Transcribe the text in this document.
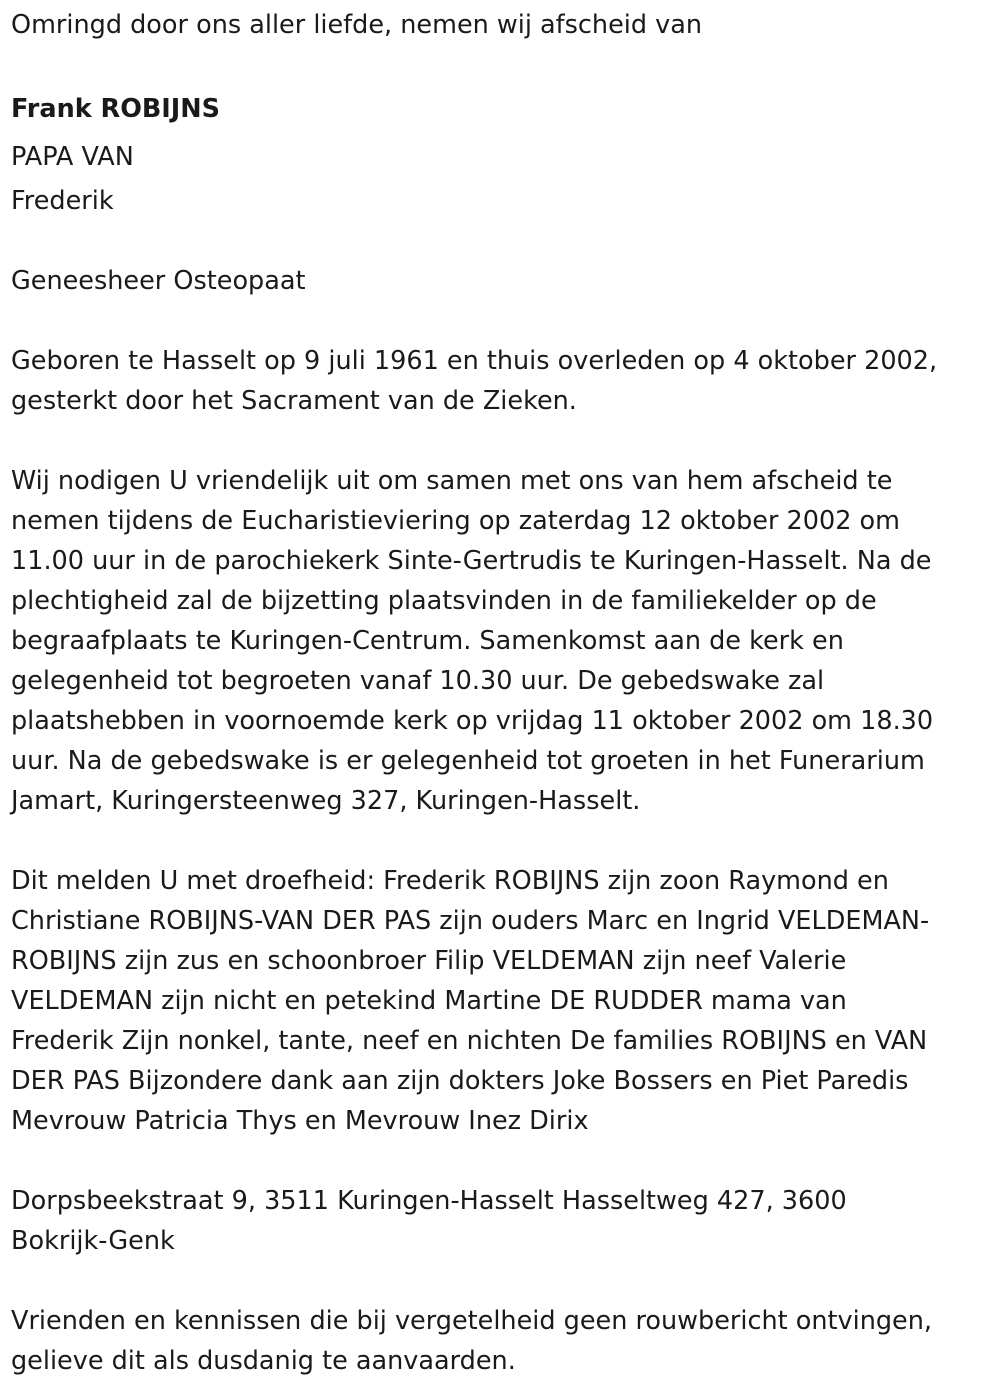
Omringd door ons aller liefde, nemen wij afscheid van
Frank ROBIJNS
PAPA VAN
Frederik
Geneesheer Osteopaat
Geboren te Hasselt op 9 juli 1961 en thuis overleden op 4 oktober 2002,
gesterkt door het Sacrament van de Zieken.
Wij nodigen U vriendelijk uit om samen met ons van hem afscheid te
nemen tijdens de Eucharistieviering op zaterdag 12 oktober 2002 om
11.00 uur in de parochiekerk Sinte-Gertrudis te Kuringen-Hasselt. Na de
plechtigheid zal de bijzetting plaatsvinden in de familiekelder op de
begraafplaats te Kuringen-Centrum. Samenkomst aan de kerk en
gelegenheid tot begroeten vanaf 10.30 uur. De gebedswake zal
plaatshebben in voornoemde kerk op vrijdag 11 oktober 2002 om 18.30
uur. Na de gebedswake is er gelegenheid tot groeten in het Funerarium
Jamart, Kuringersteenweg 327, Kuringen-Hasselt.
Dit melden U met droefheid: Frederik ROBIJNS zijn zoon Raymond en
Christiane ROBIJNS-VAN DER PAS zijn ouders Marc en Ingrid VELDEMAN-
ROBIJNS zijn zus en schoonbroer Filip VELDEMAN zijn neef Valerie
VELDEMAN zijn nicht en petekind Martine DE RUDDER mama van
Frederik Zijn nonkel, tante, neef en nichten De families ROBIJNS en VAN
DER PAS Bijzondere dank aan zijn dokters Joke Bossers en Piet Paredis
Mevrouw Patricia Thys en Mevrouw Inez Dirix
Dorpsbeekstraat 9, 3511 Kuringen-Hasselt Hasseltweg 427, 3600
Bokrijk-Genk
Vrienden en kennissen die bij vergetelheid geen rouwbericht ontvingen,
gelieve dit als dusdanig te aanvaarden.
